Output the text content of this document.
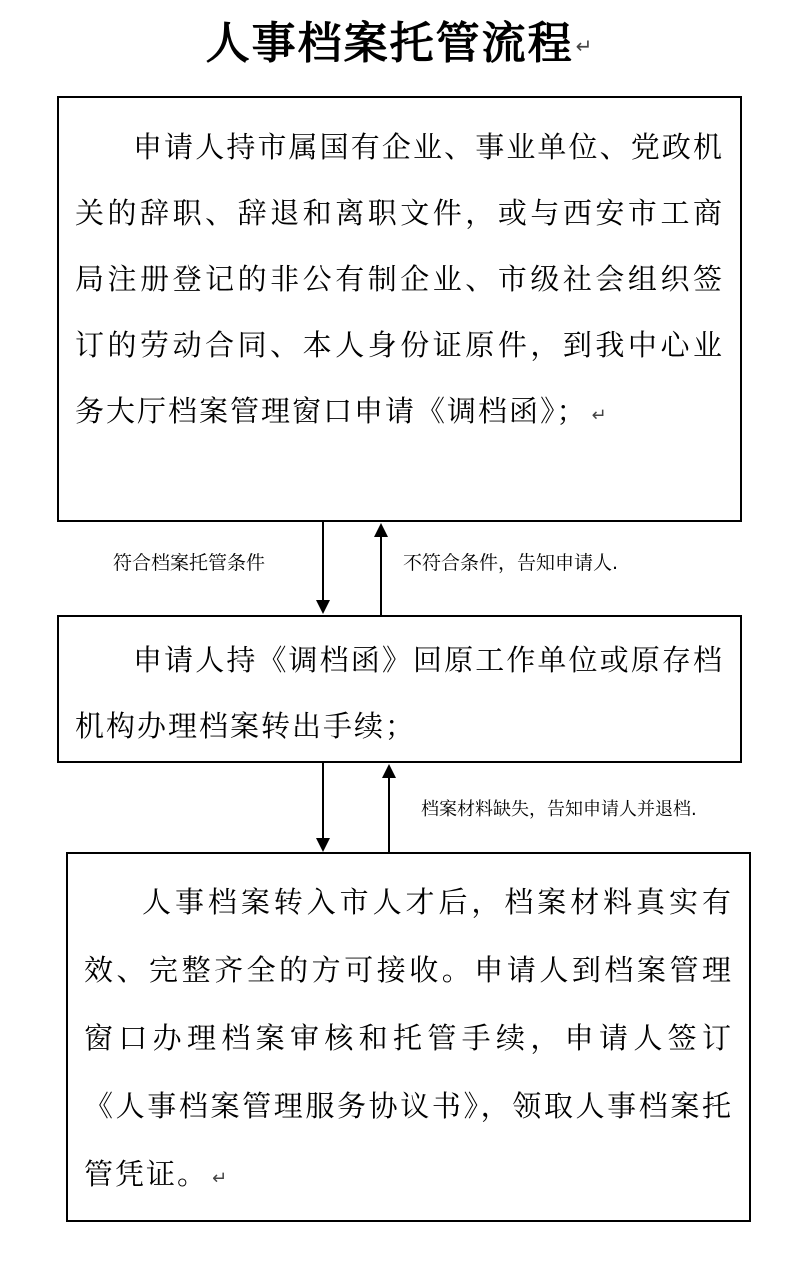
人事档案托管流程 ↵

申请人持市属国有企业、事业单位、党政机关的辞职、辞退和离职文件，或与西安市工商局注册登记的非公有制企业、市级社会组织签订的劳动合同、本人身份证原件，到我中心业务大厅档案管理窗口申请《调档函》； ↵

申请人持《调档函》回原工作单位或原存档机构办理档案转出手续；

人事档案转入市人才后，档案材料真实有效、完整齐全的方可接收。申请人到档案管理窗口办理档案审核和托管手续，申请人签订《人事档案管理服务协议书》，领取人事档案托管凭证。 ↵

符合档案托管条件	不符合条件，告知申请人.
档案材料缺失，告知申请人并退档.
